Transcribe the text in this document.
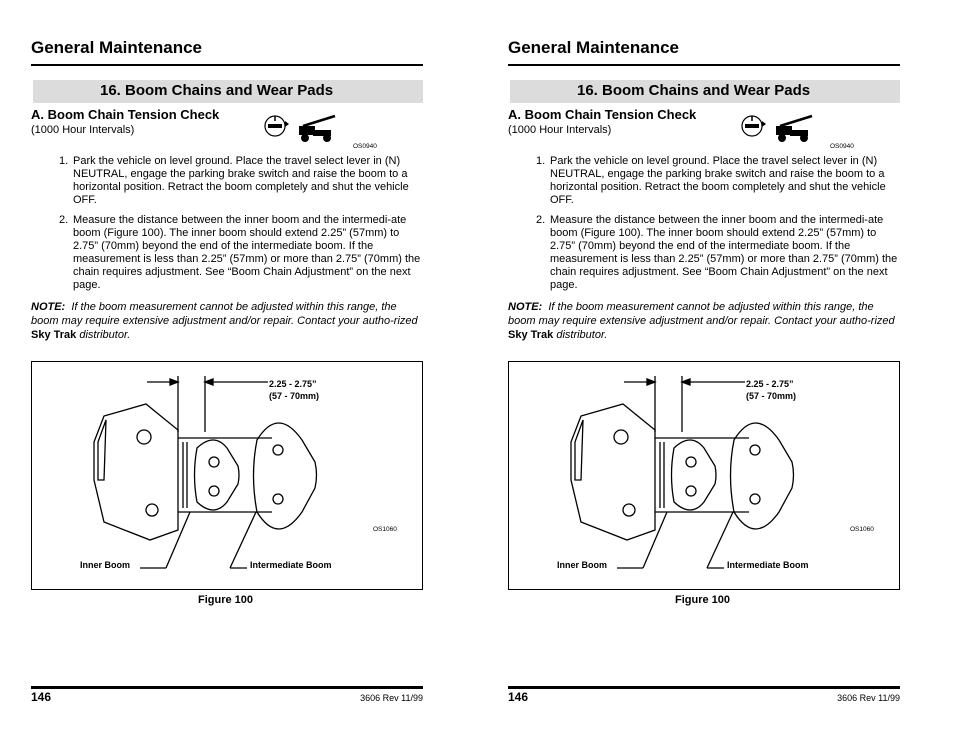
General Maintenance
16. Boom Chains and Wear Pads
A. Boom Chain Tension Check
(1000 Hour Intervals)
OS0940
1. Park the vehicle on level ground. Place the travel select lever in (N) NEUTRAL, engage the parking brake switch and raise the boom to a horizontal position. Retract the boom completely and shut the vehicle OFF.
2. Measure the distance between the inner boom and the intermedi-ate boom (Figure 100). The inner boom should extend 2.25” (57mm) to 2.75” (70mm) beyond the end of the intermediate boom. If the measurement is less than 2.25” (57mm) or more than 2.75” (70mm) the chain requires adjustment. See “Boom Chain Adjustment” on the next page.
NOTE: If the boom measurement cannot be adjusted within this range, the boom may require extensive adjustment and/or repair. Contact your autho-rized Sky Trak distributor.
2.25 - 2.75”
(57 - 70mm)
OS1060
Inner Boom	Intermediate Boom
Figure 100
146	3606 Rev 11/99
General Maintenance
16. Boom Chains and Wear Pads
A. Boom Chain Tension Check
(1000 Hour Intervals)
OS0940
1. Park the vehicle on level ground. Place the travel select lever in (N) NEUTRAL, engage the parking brake switch and raise the boom to a horizontal position. Retract the boom completely and shut the vehicle OFF.
2. Measure the distance between the inner boom and the intermedi-ate boom (Figure 100). The inner boom should extend 2.25” (57mm) to 2.75” (70mm) beyond the end of the intermediate boom. If the measurement is less than 2.25” (57mm) or more than 2.75” (70mm) the chain requires adjustment. See “Boom Chain Adjustment” on the next page.
NOTE: If the boom measurement cannot be adjusted within this range, the boom may require extensive adjustment and/or repair. Contact your autho-rized Sky Trak distributor.
2.25 - 2.75”
(57 - 70mm)
OS1060
Inner Boom	Intermediate Boom
Figure 100
146	3606 Rev 11/99
